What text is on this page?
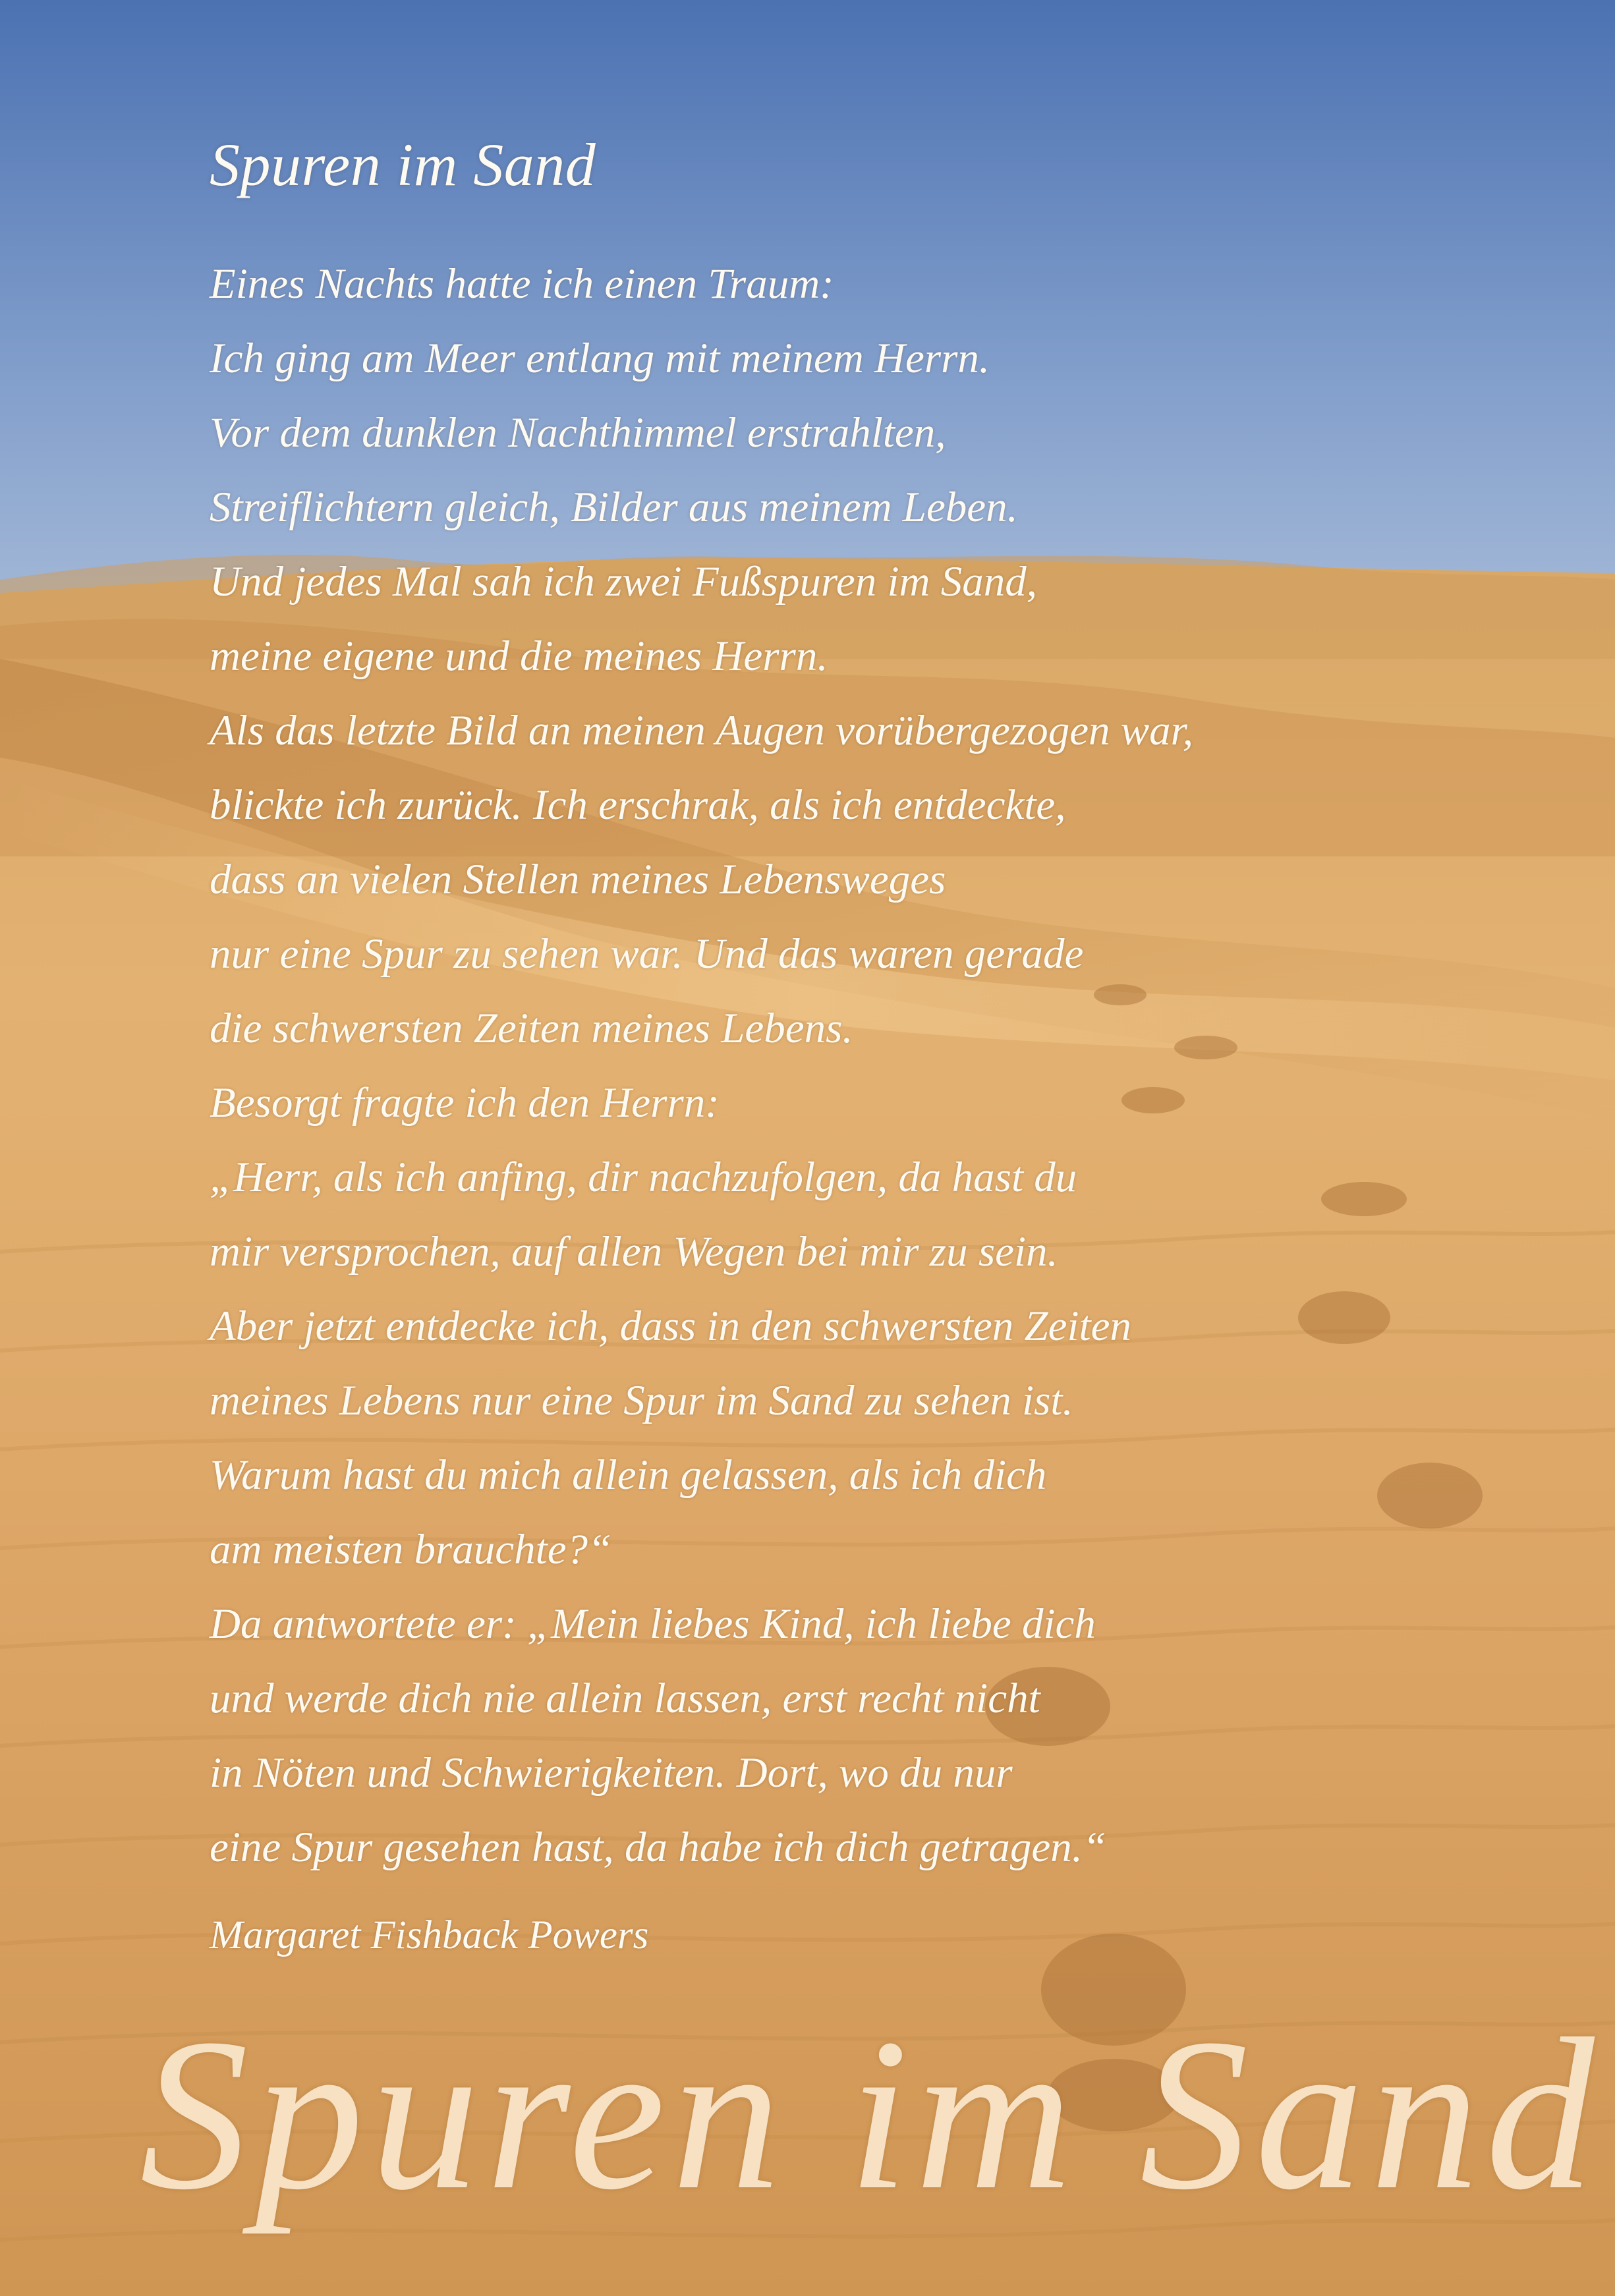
Spuren im Sand
Eines Nachts hatte ich einen Traum:
Ich ging am Meer entlang mit meinem Herrn.
Vor dem dunklen Nachthimmel erstrahlten,
Streiflichtern gleich, Bilder aus meinem Leben.
Und jedes Mal sah ich zwei Fußspuren im Sand,
meine eigene und die meines Herrn.
Als das letzte Bild an meinen Augen vorübergezogen war,
blickte ich zurück. Ich erschrak, als ich entdeckte,
dass an vielen Stellen meines Lebensweges
nur eine Spur zu sehen war. Und das waren gerade
die schwersten Zeiten meines Lebens.
Besorgt fragte ich den Herrn:
„Herr, als ich anfing, dir nachzufolgen, da hast du
mir versprochen, auf allen Wegen bei mir zu sein.
Aber jetzt entdecke ich, dass in den schwersten Zeiten
meines Lebens nur eine Spur im Sand zu sehen ist.
Warum hast du mich allein gelassen, als ich dich
am meisten brauchte?“
Da antwortete er: „Mein liebes Kind, ich liebe dich
und werde dich nie allein lassen, erst recht nicht
in Nöten und Schwierigkeiten. Dort, wo du nur
eine Spur gesehen hast, da habe ich dich getragen.“
Margaret Fishback Powers
Spuren im Sand
